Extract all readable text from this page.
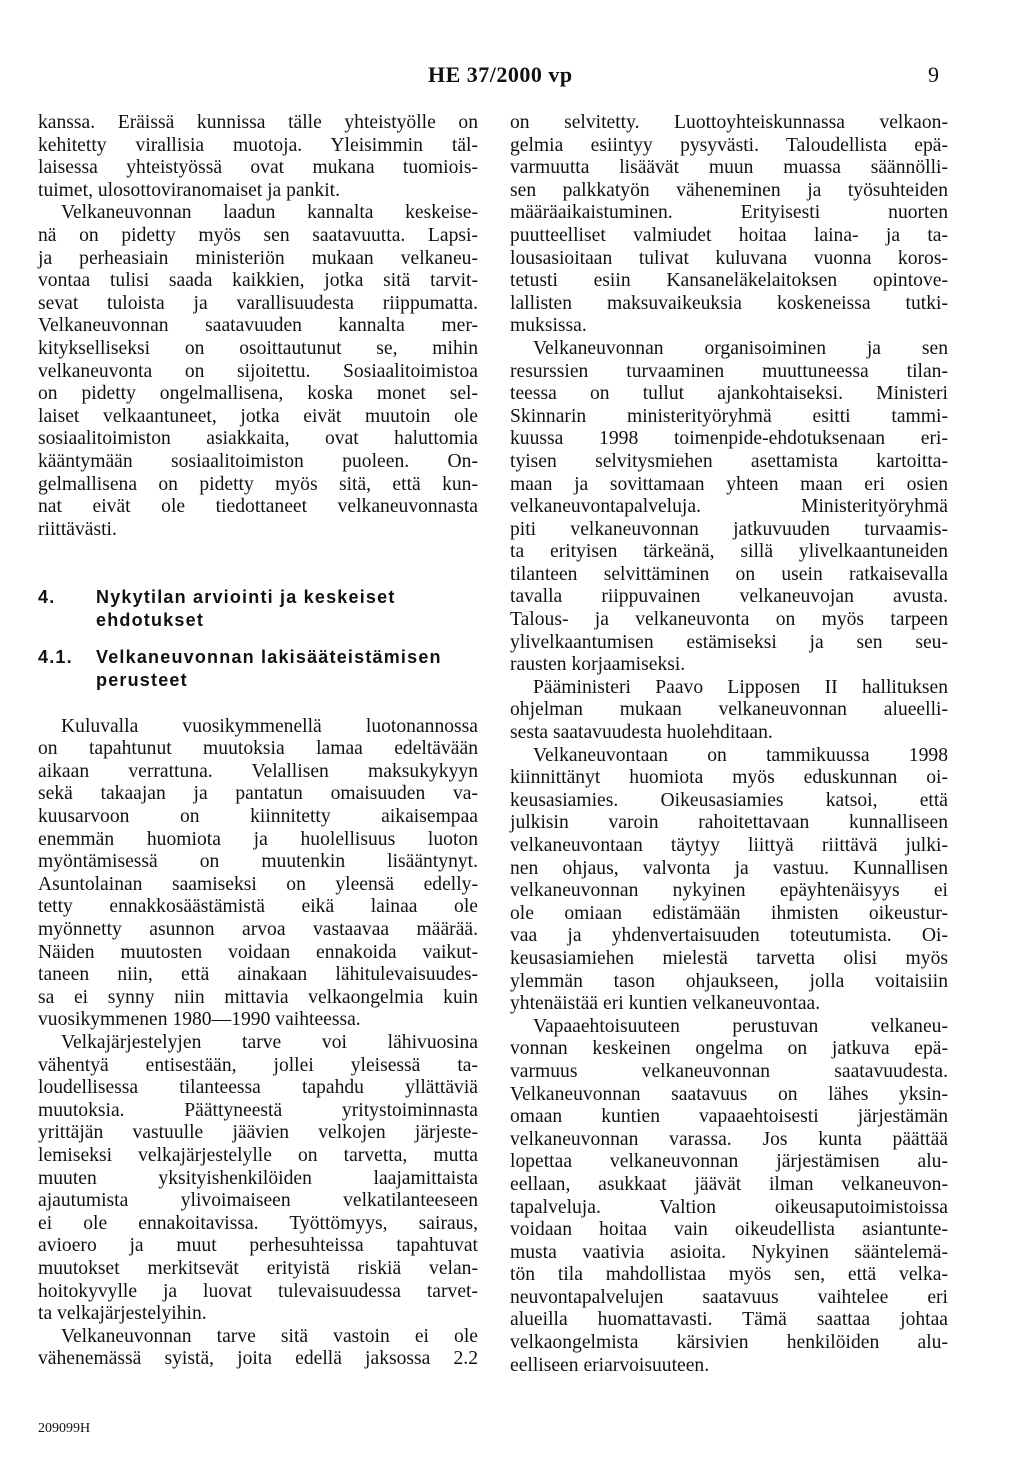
HE 37/2000 vp	9
kanssa. Eräissä kunnissa tälle yhteistyölle on
kehitetty virallisia muotoja. Yleisimmin täl-
laisessa yhteistyössä ovat mukana tuomiois-
tuimet, ulosottoviranomaiset ja pankit.
Velkaneuvonnan laadun kannalta keskeise-
nä on pidetty myös sen saatavuutta. Lapsi-
ja perheasiain ministeriön mukaan velkaneu-
vontaa tulisi saada kaikkien, jotka sitä tarvit-
sevat tuloista ja varallisuudesta riippumatta.
Velkaneuvonnan saatavuuden kannalta mer-
kitykselliseksi on osoittautunut se, mihin
velkaneuvonta on sijoitettu. Sosiaalitoimistoa
on pidetty ongelmallisena, koska monet sel-
laiset velkaantuneet, jotka eivät muutoin ole
sosiaalitoimiston asiakkaita, ovat haluttomia
kääntymään sosiaalitoimiston puoleen. On-
gelmallisena on pidetty myös sitä, että kun-
nat eivät ole tiedottaneet velkaneuvonnasta
riittävästi.
4.	Nykytilan arviointi ja keskeiset
ehdotukset
4.1.	Velkaneuvonnan lakisääteistämisen
perusteet
Kuluvalla vuosikymmenellä luotonannossa
on tapahtunut muutoksia lamaa edeltävään
aikaan verrattuna. Velallisen maksukykyyn
sekä takaajan ja pantatun omaisuuden va-
kuusarvoon on kiinnitetty aikaisempaa
enemmän huomiota ja huolellisuus luoton
myöntämisessä on muutenkin lisääntynyt.
Asuntolainan saamiseksi on yleensä edelly-
tetty ennakkosäästämistä eikä lainaa ole
myönnetty asunnon arvoa vastaavaa määrää.
Näiden muutosten voidaan ennakoida vaikut-
taneen niin, että ainakaan lähitulevaisuudes-
sa ei synny niin mittavia velkaongelmia kuin
vuosikymmenen 1980—1990 vaihteessa.
Velkajärjestelyjen tarve voi lähivuosina
vähentyä entisestään, jollei yleisessä ta-
loudellisessa tilanteessa tapahdu yllättäviä
muutoksia. Päättyneestä yritystoiminnasta
yrittäjän vastuulle jäävien velkojen järjeste-
lemiseksi velkajärjestelylle on tarvetta, mutta
muuten yksityishenkilöiden laajamittaista
ajautumista ylivoimaiseen velkatilanteeseen
ei ole ennakoitavissa. Työttömyys, sairaus,
avioero ja muut perhesuhteissa tapahtuvat
muutokset merkitsevät erityistä riskiä velan-
hoitokyvylle ja luovat tulevaisuudessa tarvet-
ta velkajärjestelyihin.
Velkaneuvonnan tarve sitä vastoin ei ole
vähenemässä syistä, joita edellä jaksossa 2.2
on selvitetty. Luottoyhteiskunnassa velkaon-
gelmia esiintyy pysyvästi. Taloudellista epä-
varmuutta lisäävät muun muassa säännölli-
sen palkkatyön väheneminen ja työsuhteiden
määräaikaistuminen. Erityisesti nuorten
puutteelliset valmiudet hoitaa laina- ja ta-
lousasioitaan tulivat kuluvana vuonna koros-
tetusti esiin Kansaneläkelaitoksen opintove-
lallisten maksuvaikeuksia koskeneissa tutki-
muksissa.
Velkaneuvonnan organisoiminen ja sen
resurssien turvaaminen muuttuneessa tilan-
teessa on tullut ajankohtaiseksi. Ministeri
Skinnarin ministerityöryhmä esitti tammi-
kuussa 1998 toimenpide-ehdotuksenaan eri-
tyisen selvitysmiehen asettamista kartoitta-
maan ja sovittamaan yhteen maan eri osien
velkaneuvontapalveluja. Ministerityöryhmä
piti velkaneuvonnan jatkuvuuden turvaamis-
ta erityisen tärkeänä, sillä ylivelkaantuneiden
tilanteen selvittäminen on usein ratkaisevalla
tavalla riippuvainen velkaneuvojan avusta.
Talous- ja velkaneuvonta on myös tarpeen
ylivelkaantumisen estämiseksi ja sen seu-
rausten korjaamiseksi.
Pääministeri Paavo Lipposen II hallituksen
ohjelman mukaan velkaneuvonnan alueelli-
sesta saatavuudesta huolehditaan.
Velkaneuvontaan on tammikuussa 1998
kiinnittänyt huomiota myös eduskunnan oi-
keusasiamies. Oikeusasiamies katsoi, että
julkisin varoin rahoitettavaan kunnalliseen
velkaneuvontaan täytyy liittyä riittävä julki-
nen ohjaus, valvonta ja vastuu. Kunnallisen
velkaneuvonnan nykyinen epäyhtenäisyys ei
ole omiaan edistämään ihmisten oikeustur-
vaa ja yhdenvertaisuuden toteutumista. Oi-
keusasiamiehen mielestä tarvetta olisi myös
ylemmän tason ohjaukseen, jolla voitaisiin
yhtenäistää eri kuntien velkaneuvontaa.
Vapaaehtoisuuteen perustuvan velkaneu-
vonnan keskeinen ongelma on jatkuva epä-
varmuus velkaneuvonnan saatavuudesta.
Velkaneuvonnan saatavuus on lähes yksin-
omaan kuntien vapaaehtoisesti järjestämän
velkaneuvonnan varassa. Jos kunta päättää
lopettaa velkaneuvonnan järjestämisen alu-
eellaan, asukkaat jäävät ilman velkaneuvon-
tapalveluja. Valtion oikeusaputoimistoissa
voidaan hoitaa vain oikeudellista asiantunte-
musta vaativia asioita. Nykyinen sääntelemä-
tön tila mahdollistaa myös sen, että velka-
neuvontapalvelujen saatavuus vaihtelee eri
alueilla huomattavasti. Tämä saattaa johtaa
velkaongelmista kärsivien henkilöiden alu-
eelliseen eriarvoisuuteen.
209099H
